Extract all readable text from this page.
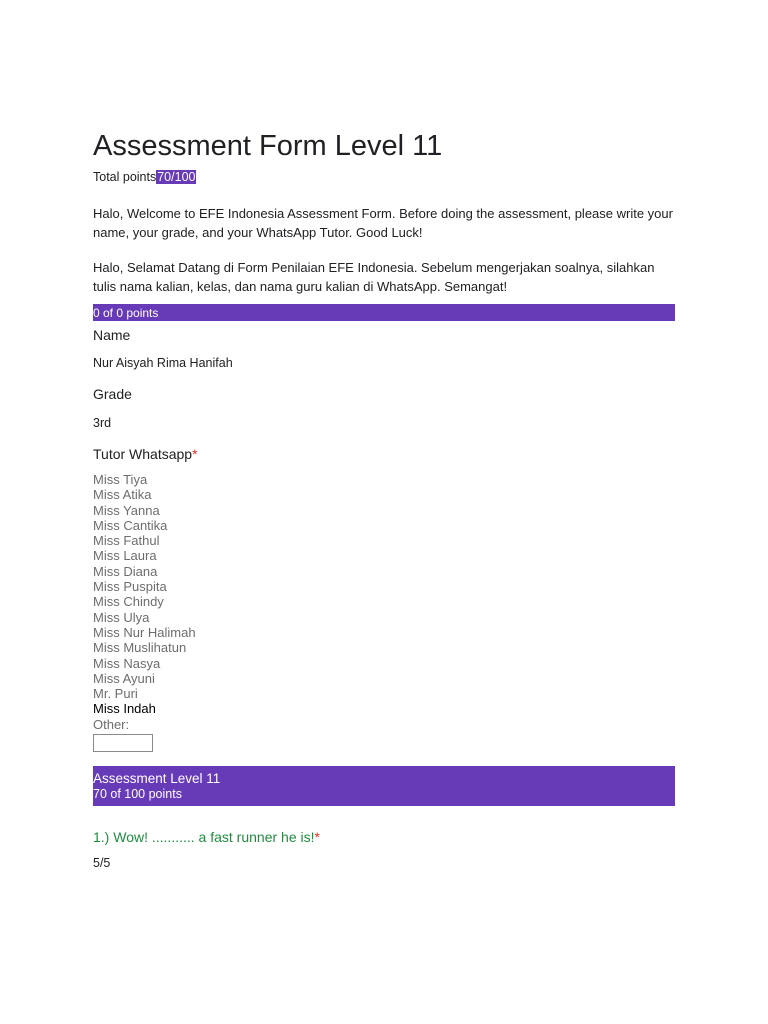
Assessment Form Level 11
Total points70/100
Halo, Welcome to EFE Indonesia Assessment Form. Before doing the assessment, please write your name, your grade, and your WhatsApp Tutor. Good Luck!
Halo, Selamat Datang di Form Penilaian EFE Indonesia. Sebelum mengerjakan soalnya, silahkan tulis nama kalian, kelas, dan nama guru kalian di WhatsApp. Semangat!
0 of 0 points
Name
Nur Aisyah Rima Hanifah
Grade
3rd
Tutor Whatsapp*
Miss Tiya
Miss Atika
Miss Yanna
Miss Cantika
Miss Fathul
Miss Laura
Miss Diana
Miss Puspita
Miss Chindy
Miss Ulya
Miss Nur Halimah
Miss Muslihatun
Miss Nasya
Miss Ayuni
Mr. Puri
Miss Indah
Other:
Assessment Level 11
70 of 100 points
1.) Wow! ........... a fast runner he is!*
5/5
